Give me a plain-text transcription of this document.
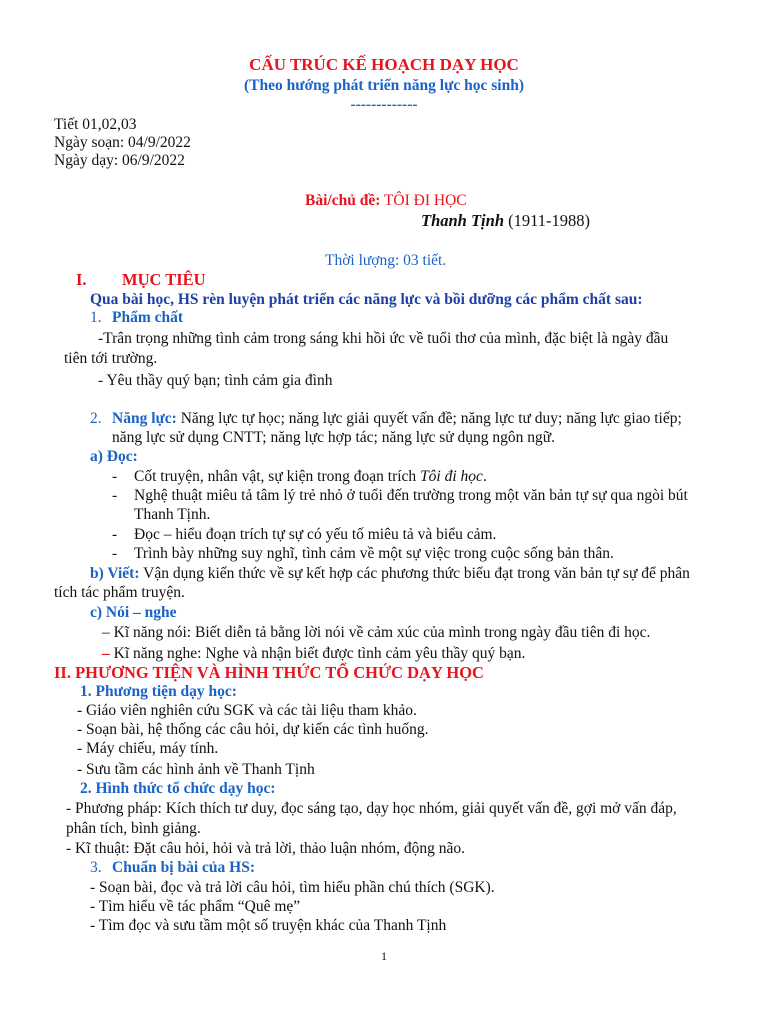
CẤU TRÚC KẾ HOẠCH DẠY HỌC
(Theo hướng phát triển năng lực học sinh)
-------------
Tiết 01,02,03
Ngày soạn: 04/9/2022
Ngày dạy: 06/9/2022
Bài/chủ đề: TÔI ĐI HỌC
Thanh Tịnh (1911-1988)
Thời lượng: 03 tiết.
I. MỤC TIÊU
Qua bài học, HS rèn luyện phát triển các năng lực và bồi dưỡng các phẩm chất sau:
1. Phẩm chất
-Trân trọng những tình cảm trong sáng khi hồi ức về tuổi thơ của mình, đặc biệt là ngày đầu
tiên tới trường.
- Yêu thầy quý bạn; tình cảm gia đình
2. Năng lực: Năng lực tự học; năng lực giải quyết vấn đề; năng lực tư duy; năng lực giao tiếp;
năng lực sử dụng CNTT; năng lực hợp tác; năng lực sử dụng ngôn ngữ.
a) Đọc:
- Cốt truyện, nhân vật, sự kiện trong đoạn trích Tôi đi học.
- Nghệ thuật miêu tả tâm lý trẻ nhỏ ở tuổi đến trường trong một văn bản tự sự qua ngòi bút
Thanh Tịnh.
- Đọc – hiểu đoạn trích tự sự có yếu tố miêu tả và biểu cảm.
- Trình bày những suy nghĩ, tình cảm về một sự việc trong cuộc sống bản thân.
b) Viết: Vận dụng kiến thức về sự kết hợp các phương thức biểu đạt trong văn bản tự sự để phân
tích tác phẩm truyện.
c) Nói – nghe
– Kĩ năng nói: Biết diễn tả bằng lời nói về cảm xúc của mình trong ngày đầu tiên đi học.
– Kĩ năng nghe: Nghe và nhận biết được tình cảm yêu thầy quý bạn.
II. PHƯƠNG TIỆN VÀ HÌNH THỨC TỔ CHỨC DẠY HỌC
1. Phương tiện dạy học:
- Giáo viên nghiên cứu SGK và các tài liệu tham khảo.
- Soạn bài, hệ thống các câu hỏi, dự kiến các tình huống.
- Máy chiếu, máy tính.
- Sưu tầm các hình ảnh về Thanh Tịnh
2. Hình thức tổ chức dạy học:
- Phương pháp: Kích thích tư duy, đọc sáng tạo, dạy học nhóm, giải quyết vấn đề, gợi mở vấn đáp,
phân tích, bình giảng.
- Kĩ thuật: Đặt câu hỏi, hỏi và trả lời, thảo luận nhóm, động não.
3. Chuẩn bị bài của HS:
- Soạn bài, đọc và trả lời câu hỏi, tìm hiểu phần chú thích (SGK).
- Tìm hiểu về tác phẩm “Quê mẹ”
- Tìm đọc và sưu tầm một số truyện khác của Thanh Tịnh
1
